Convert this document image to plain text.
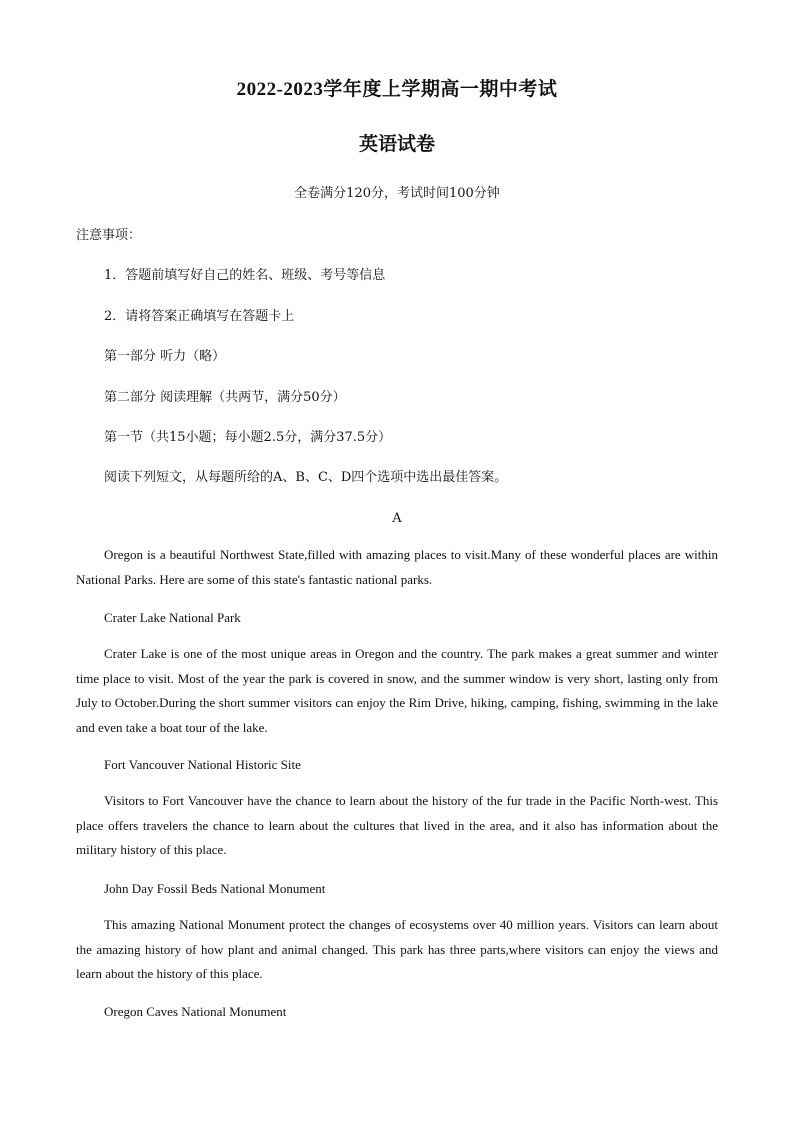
2022-2023学年度上学期高一期中考试
英语试卷
全卷满分120分，考试时间100分钟
注意事项：
1．答题前填写好自己的姓名、班级、考号等信息
2．请将答案正确填写在答题卡上
第一部分 听力（略）
第二部分 阅读理解（共两节，满分50分）
第一节（共15小题；每小题2.5分，满分37.5分）
阅读下列短文，从每题所给的A、B、C、D四个选项中选出最佳答案。
A
Oregon is a beautiful Northwest State,filled with amazing places to visit.Many of these wonderful places are within National Parks. Here are some of this state's fantastic national parks.
Crater Lake National Park
Crater Lake is one of the most unique areas in Oregon and the country. The park makes a great summer and winter time place to visit. Most of the year the park is covered in snow, and the summer window is very short, lasting only from July to October.During the short summer visitors can enjoy the Rim Drive, hiking, camping, fishing, swimming in the lake and even take a boat tour of the lake.
Fort Vancouver National Historic Site
Visitors to Fort Vancouver have the chance to learn about the history of the fur trade in the Pacific North-west. This place offers travelers the chance to learn about the cultures that lived in the area, and it also has information about the military history of this place.
John Day Fossil Beds National Monument
This amazing National Monument protect the changes of ecosystems over 40 million years. Visitors can learn about the amazing history of how plant and animal changed. This park has three parts,where visitors can enjoy the views and learn about the history of this place.
Oregon Caves National Monument
